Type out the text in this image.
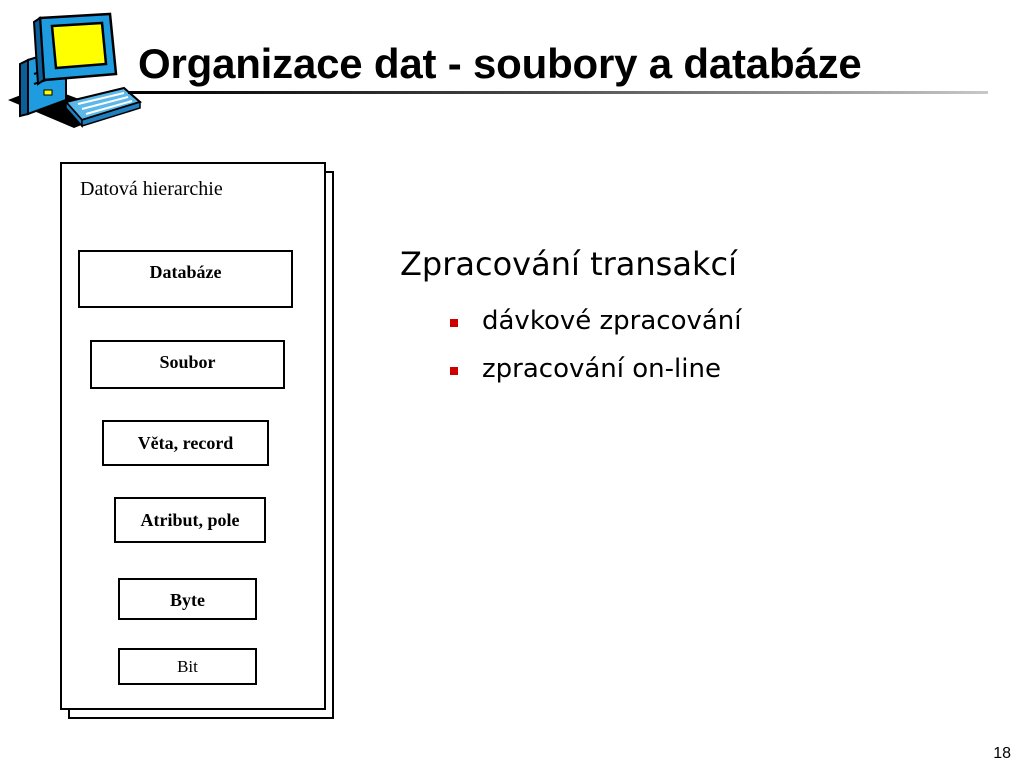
Organizace dat - soubory a databáze
Datová hierarchie
Databáze
Soubor
Věta, record
Atribut, pole
Byte
Bit
Zpracování transakcí
dávkové zpracování
zpracování on-line
18
